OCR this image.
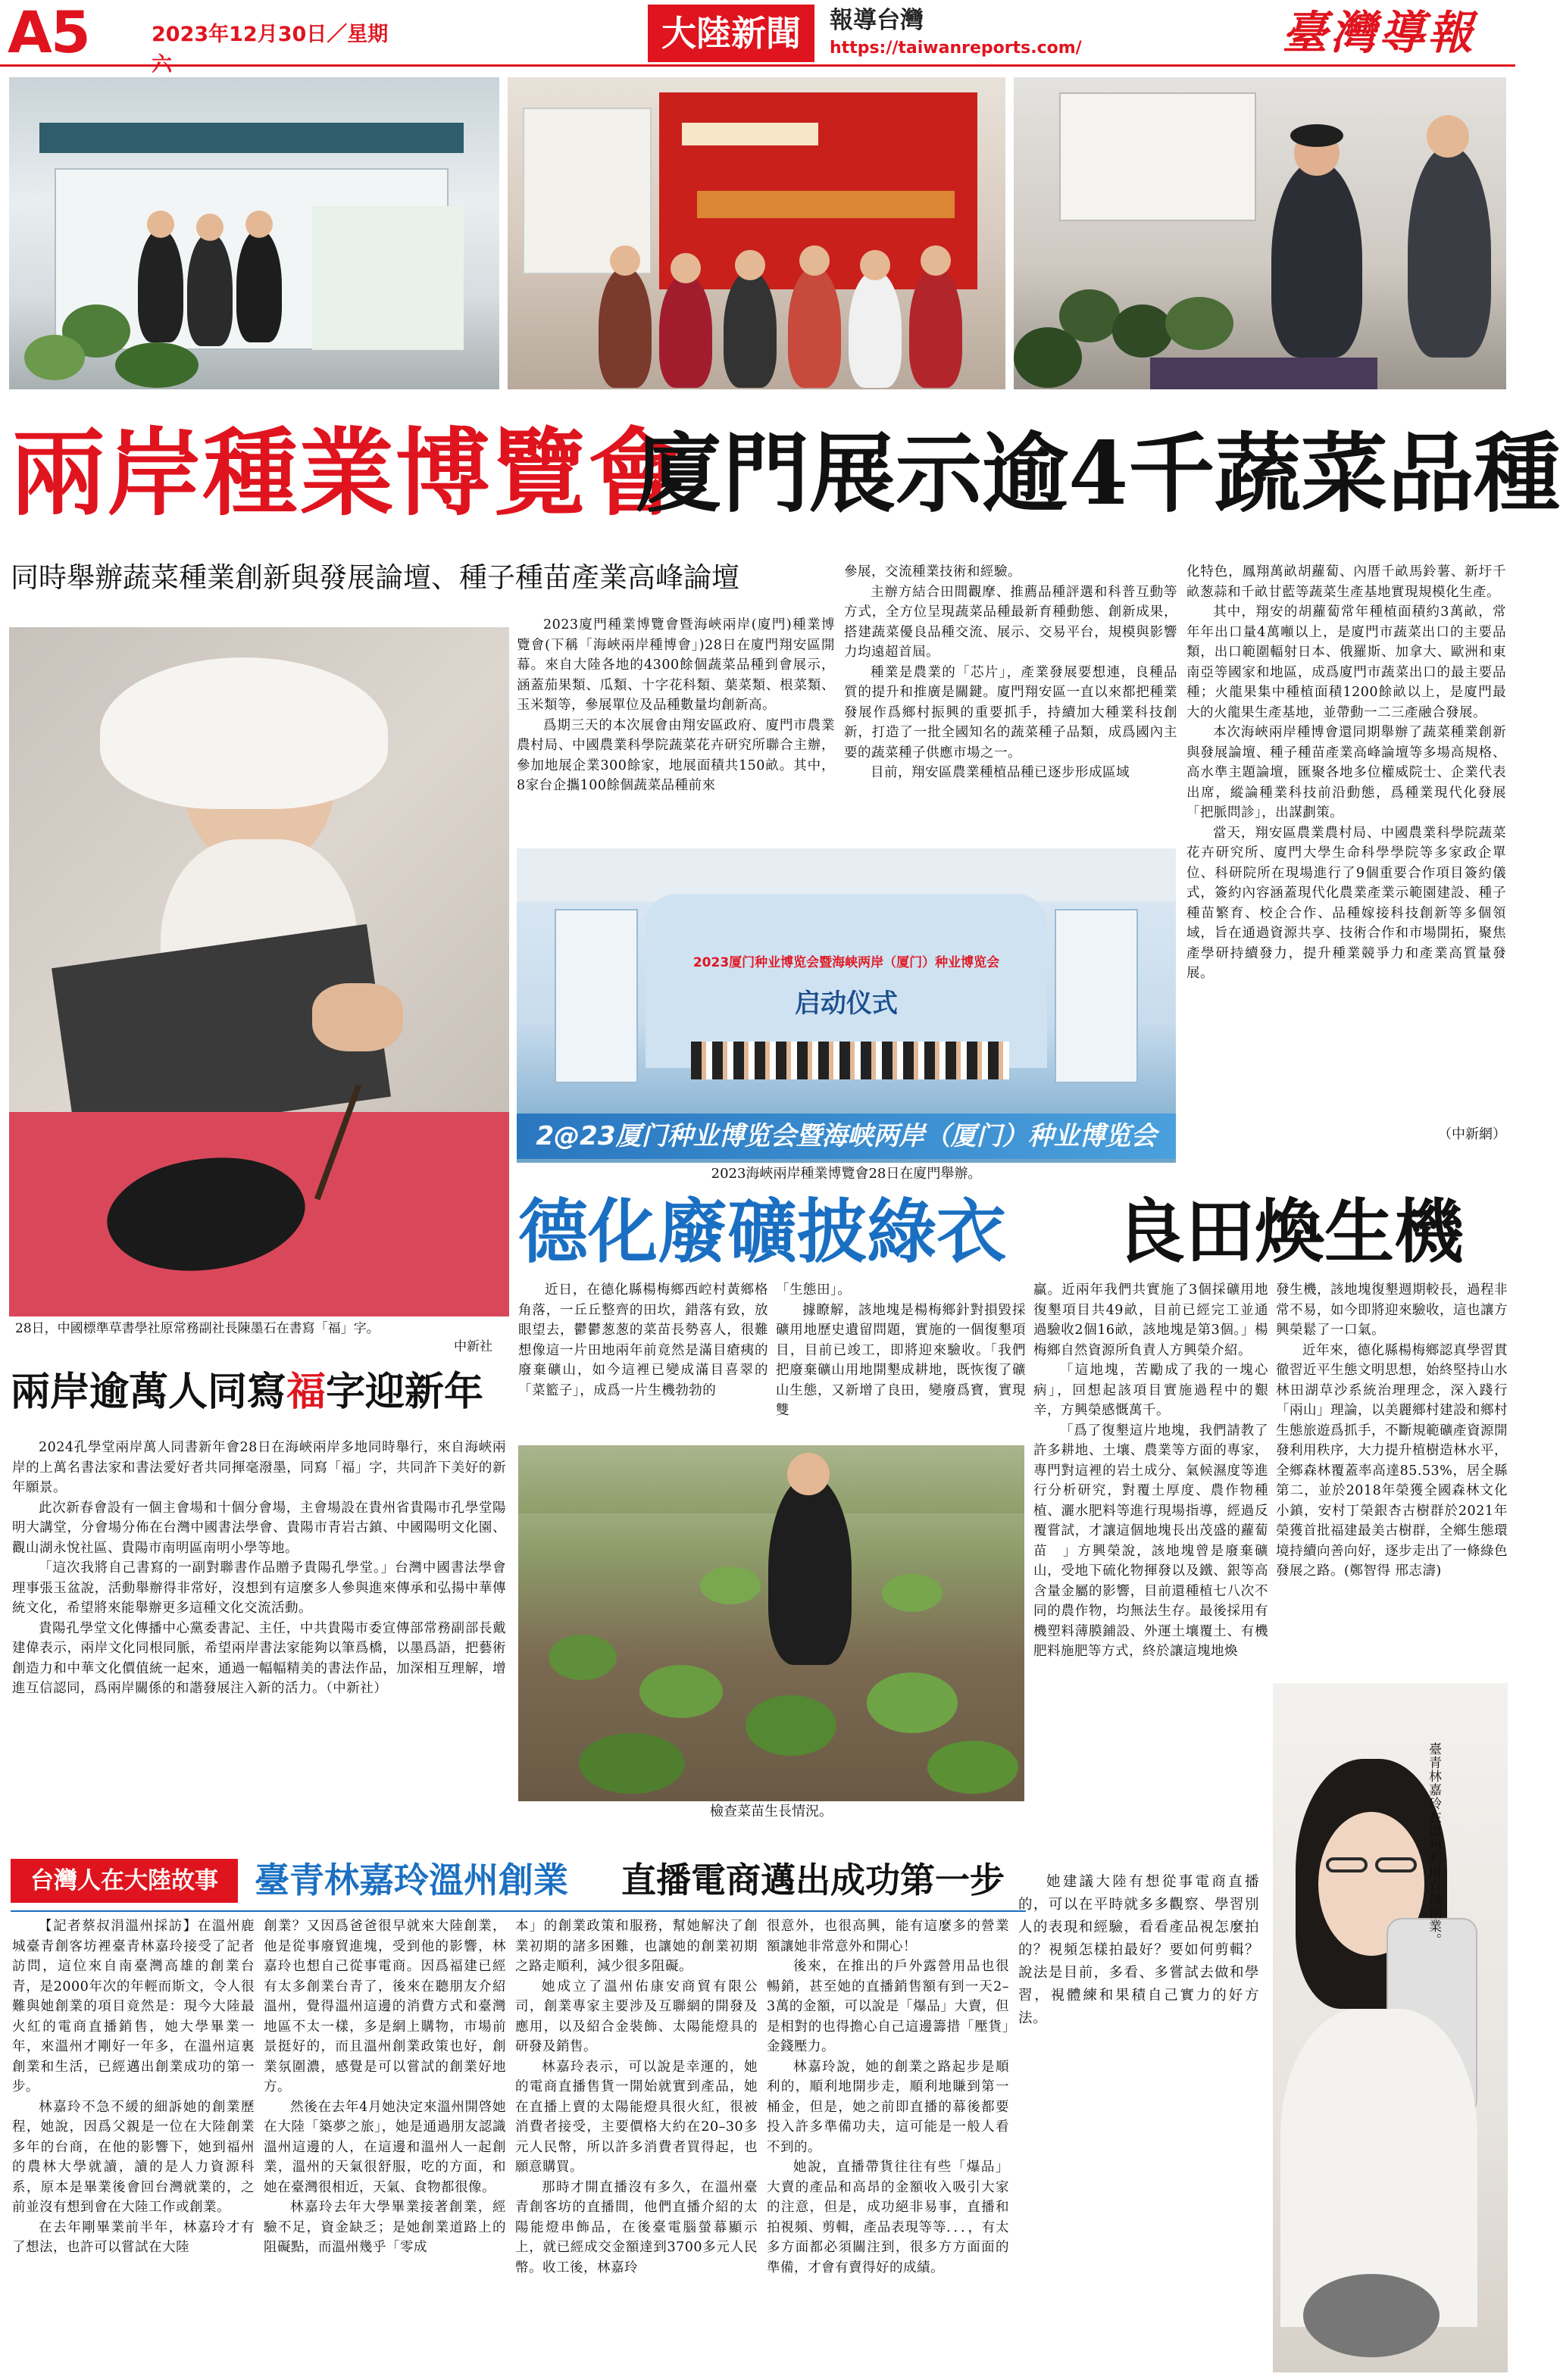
A5	2023年12月30日／星期六
大陸新聞	報導台灣
https://taiwanreports.com/	臺灣導報
兩岸種業博覽會
廈門展示逾4千蔬菜品種
同時舉辦蔬菜種業創新與發展論壇、種子種苗產業高峰論壇
28日，中國標準草書學社原常務副社長陳墨石在書寫「福」字。
中新社
兩岸逾萬人同寫福字迎新年

2024孔學堂兩岸萬人同書新年會28日在海峽兩岸多地同時舉行，來自海峽兩岸的上萬名書法家和書法愛好者共同揮毫潑墨，同寫「福」字，共同許下美好的新年願景。

此次新春會設有一個主會場和十個分會場，主會場設在貴州省貴陽市孔學堂陽明大講堂，分會場分佈在台灣中國書法學會、貴陽市青岩古鎮、中國陽明文化園、觀山湖永悅社區、貴陽市南明區南明小學等地。

「這次我將自己書寫的一副對聯書作品贈予貴陽孔學堂。」台灣中國書法學會理事張玉盆說，活動舉辦得非常好，沒想到有這麼多人參與進來傳承和弘揚中華傳統文化，希望將來能舉辦更多這種文化交流活動。

貴陽孔學堂文化傳播中心黨委書記、主任，中共貴陽市委宣傳部常務副部長戴建偉表示，兩岸文化同根同脈，希望兩岸書法家能夠以筆爲橋，以墨爲語，把藝術創造力和中華文化價值統一起來，通過一幅幅精美的書法作品，加深相互理解，增進互信認同，爲兩岸關係的和諧發展注入新的活力。（中新社）

2023廈門種業博覽會暨海峽兩岸(廈門)種業博覽會(下稱「海峽兩岸種博會」)28日在廈門翔安區開幕。來自大陸各地的4300餘個蔬菜品種到會展示，涵蓋茄果類、瓜類、十字花科類、葉菜類、根菜類、玉米類等，參展單位及品種數量均創新高。

爲期三天的本次展會由翔安區政府、廈門市農業農村局、中國農業科學院蔬菜花卉研究所聯合主辦，參加地展企業300餘家，地展面積共150畝。其中，8家台企攜100餘個蔬菜品種前來

參展，交流種業技術和經驗。

主辦方結合田間觀摩、推薦品種評選和科普互動等方式，全方位呈現蔬菜品種最新育種動態、創新成果，搭建蔬菜優良品種交流、展示、交易平台，規模與影響力均遠超首屆。

種業是農業的「芯片」，產業發展要想連，良種品質的提升和推廣是關鍵。廈門翔安區一直以來都把種業發展作爲鄉村振興的重要抓手，持續加大種業科技創新，打造了一批全國知名的蔬菜種子品類，成爲國內主要的蔬菜種子供應市場之一。

目前，翔安區農業種植品種已逐步形成區域

化特色，鳳翔萬畝胡蘿蔔、內厝千畝馬鈴薯、新圩千畝葱蒜和千畝甘藍等蔬菜生產基地實現規模化生產。

其中，翔安的胡蘿蔔常年種植面積約3萬畝，常年年出口量4萬噸以上，是廈門市蔬菜出口的主要品類，出口範圍輻射日本、俄羅斯、加拿大、歐洲和東南亞等國家和地區，成爲廈門市蔬菜出口的最主要品種；火龍果集中種植面積1200餘畝以上，是廈門最大的火龍果生產基地，並帶動一二三產融合發展。

本次海峽兩岸種博會還同期舉辦了蔬菜種業創新與發展論壇、種子種苗產業高峰論壇等多場高規格、高水準主題論壇，匯聚各地多位權威院士、企業代表出席，縱論種業科技前沿動態，爲種業現代化發展「把脈問診」，出謀劃策。

當天，翔安區農業農村局、中國農業科學院蔬菜花卉研究所、廈門大學生命科學學院等多家政企單位、科研院所在現場進行了9個重要合作項目簽約儀式，簽約內容涵蓋現代化農業產業示範園建設、種子種苗繁育、校企合作、品種嫁接科技創新等多個領域，旨在通過資源共享、技術合作和市場開拓，聚焦產學研持續發力，提升種業競爭力和產業高質量發展。

（中新網）
2023厦门种业博览会暨海峡两岸（厦门）种业博览会
启动仪式
2@23厦门种业博览会暨海峡两岸（厦门）种业博览会
2023海峽兩岸種業博覽會28日在廈門舉辦。
德化廢礦披綠衣	良田煥生機

近日，在德化縣楊梅鄉西崆村黃鄉格角落，一丘丘整齊的田坎，錯落有致，放眼望去，鬱鬱葱葱的菜苗長勢喜人，很難想像這一片田地兩年前竟然是滿目瘡痍的廢棄礦山，如今這裡已變成滿目喜翠的「菜籃子」，成爲一片生機勃勃的

「生態田」。

據瞭解，該地塊是楊梅鄉針對損毀採礦用地歷史遺留問題，實施的一個復墾項目，目前已竣工，即將迎來驗收。「我們把廢棄礦山用地開墾成耕地，既恢復了礦山生態，又新增了良田，變廢爲寶，實現雙

贏。近兩年我們共實施了3個採礦用地復墾項目共49畝，目前已經完工並通過驗收2個16畝，該地塊是第3個。」楊梅鄉自然資源所負責人方興榮介紹。

「這地塊，苦勵成了我的一塊心病」，回想起該項目實施過程中的艱辛，方興榮感慨萬千。

「爲了復墾這片地塊，我們請教了許多耕地、土壤、農業等方面的專家，專門對這裡的岩土成分、氣候濕度等進行分析研究，對覆土厚度、農作物種植、灑水肥料等進行現場指導，經過反覆嘗試，才讓這個地塊長出茂盛的蘿蔔苗　」方興榮說，該地塊曾是廢棄礦山，受地下硫化物揮發以及鐵、銀等高含量金屬的影響，目前還種植七八次不同的農作物，均無法生存。最後採用有機塑料薄膜鋪設、外運土壤覆土、有機肥料施肥等方式，終於讓這塊地煥

發生機，該地塊復墾週期較長，過程非常不易，如今即將迎來驗收，這也讓方興榮鬆了一口氣。

近年來，德化縣楊梅鄉認真學習貫徹習近平生態文明思想，始終堅持山水林田湖草沙系統治理理念，深入踐行「兩山」理論，以美麗鄉村建設和鄉村生態旅遊爲抓手，不斷規範礦產資源開發利用秩序，大力提升植樹造林水平，全鄉森林覆蓋率高達85.53%，居全縣第二，並於2018年榮獲全國森林文化小鎮，安村丁榮銀杏古樹群於2021年榮獲首批福建最美古樹群，全鄉生態環境持續向善向好，逐步走出了一條綠色發展之路。(鄭智得 邢志濤)

檢查菜苗生長情況。	臺青林嘉玲在溫州利用直播創業。
台灣人在大陸故事	臺青林嘉玲溫州創業	直播電商邁出成功第一步

【記者蔡叔涓溫州採訪】在溫州鹿城臺青創客坊裡臺青林嘉玲接受了記者訪問，這位來自南臺灣高雄的創業台青，是2000年次的年輕而斯文，令人很難與她創業的項目竟然是：現今大陸最火紅的電商直播銷售，她大學畢業一年，來溫州才剛好一年多，在溫州這裏創業和生活，已經邁出創業成功的第一步。

林嘉玲不急不緩的細訴她的創業歷程，她說，因爲父親是一位在大陸創業多年的台商，在他的影響下，她到福州的農林大學就讀，讀的是人力資源科系，原本是畢業後會回台灣就業的，之前並沒有想到會在大陸工作或創業。

在去年剛畢業前半年，林嘉玲才有了想法，也許可以嘗試在大陸

創業？又因爲爸爸很早就來大陸創業，他是從事廢貿進塊，受到他的影響，林嘉玲也想自己從事電商。因爲福建已經有太多創業台青了，後來在聽朋友介紹溫州，覺得溫州這邊的消費方式和臺灣地區不太一樣，多是網上購物，市場前景挺好的，而且溫州創業政策也好，創業氛圍濃，感覺是可以嘗試的創業好地方。

然後在去年4月她決定來溫州開啓她在大陸「築夢之旅」，她是通過朋友認識溫州這邊的人，在這邊和溫州人一起創業，溫州的天氣很舒服，吃的方面，和她在臺灣很相近，天氣、食物都很像。

林嘉玲去年大學畢業接著創業，經驗不足，資金缺乏；是她創業道路上的阻礙點，而溫州幾乎「零成

本」的創業政策和服務，幫她解決了創業初期的諸多困難，也讓她的創業初期之路走順利，減少很多阻礙。

她成立了溫州佑康安商貿有限公司，創業專家主要涉及互聯網的開發及應用，以及紹合金裝飾、太陽能燈具的研發及銷售。

林嘉玲表示，可以說是幸運的，她的電商直播售貨一開始就實到產品，她在直播上賣的太陽能燈具很火紅，很被消費者接受，主要價格大約在20–30多元人民幣，所以許多消費者買得起，也願意購買。

那時才開直播沒有多久，在溫州臺青創客坊的直播間，他們直播介紹的太陽能燈串飾品，在後臺電腦螢幕顯示上，就已經成交金額達到3700多元人民幣。收工後，林嘉玲

很意外，也很高興，能有這麼多的營業額讓她非常意外和開心！

後來，在推出的戶外露營用品也很暢銷，甚至她的直播銷售額有到一天2–3萬的金額，可以說是「爆品」大賣，但是相對的也得擔心自己這邊籌措「壓貨」金錢壓力。

林嘉玲說，她的創業之路起步是順利的，順利地開步走，順利地賺到第一桶金，但是，她之前即直播的幕後都要投入許多準備功夫，這可能是一般人看不到的。

她說，直播帶貨往往有些「爆品」大賣的產品和高昂的金額收入吸引大家的注意，但是，成功絕非易事，直播和拍視頻、剪輯，產品表現等等．．．，有太多方面都必須關注到，很多方方面面的準備，才會有賣得好的成績。

她建議大陸有想從事電商直播的，可以在平時就多多觀察、學習別人的表現和經驗，看看產品視怎麼拍的？視頻怎樣拍最好？要如何剪輯？說法是目前，多看、多嘗試去做和學習，視體練和果積自己實力的好方法。
